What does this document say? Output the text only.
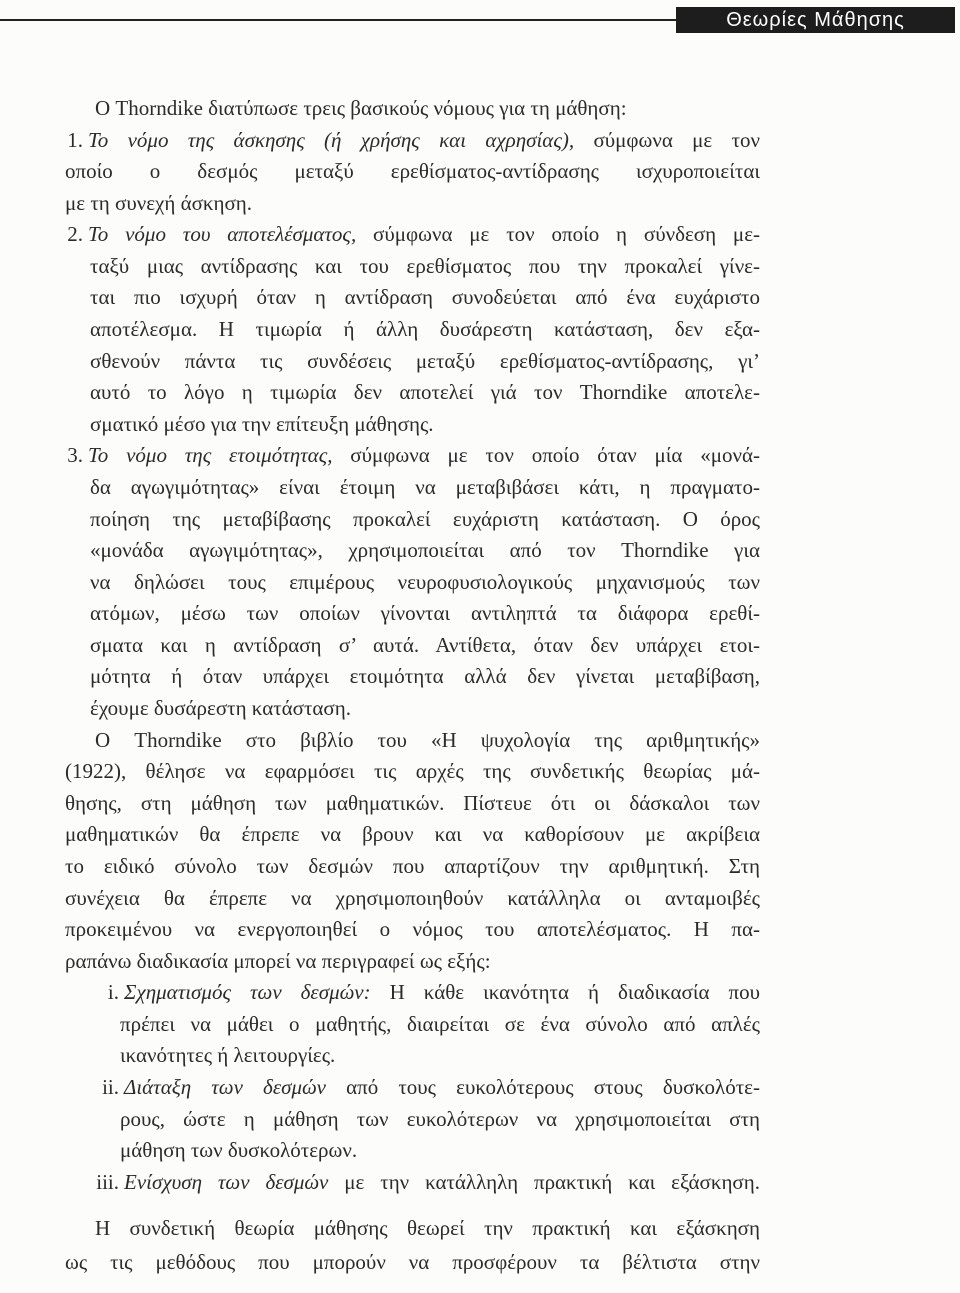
Θεωρίες Μάθησης
Ο Thorndike διατύπωσε τρεις βασικούς νόμους για τη μάθηση:
1. Το νόμο της άσκησης (ή χρήσης και αχρησίας), σύμφωνα με τον
οποίο ο δεσμός μεταξύ ερεθίσματος-αντίδρασης ισχυροποιείται
με τη συνεχή άσκηση.
2. Το νόμο του αποτελέσματος, σύμφωνα με τον οποίο η σύνδεση με-
ταξύ μιας αντίδρασης και του ερεθίσματος που την προκαλεί γίνε-
ται πιο ισχυρή όταν η αντίδραση συνοδεύεται από ένα ευχάριστο
αποτέλεσμα. Η τιμωρία ή άλλη δυσάρεστη κατάσταση, δεν εξα-
σθενούν πάντα τις συνδέσεις μεταξύ ερεθίσματος-αντίδρασης, γι’
αυτό το λόγο η τιμωρία δεν αποτελεί γιά τον Thorndike αποτελε-
σματικό μέσο για την επίτευξη μάθησης.
3. Το νόμο της ετοιμότητας, σύμφωνα με τον οποίο όταν μία «μονά-
δα αγωγιμότητας» είναι έτοιμη να μεταβιβάσει κάτι, η πραγματο-
ποίηση της μεταβίβασης προκαλεί ευχάριστη κατάσταση. Ο όρος
«μονάδα αγωγιμότητας», χρησιμοποιείται από τον Thorndike για
να δηλώσει τους επιμέρους νευροφυσιολογικούς μηχανισμούς των
ατόμων, μέσω των οποίων γίνονται αντιληπτά τα διάφορα ερεθί-
σματα και η αντίδραση σ’ αυτά. Αντίθετα, όταν δεν υπάρχει ετοι-
μότητα ή όταν υπάρχει ετοιμότητα αλλά δεν γίνεται μεταβίβαση,
έχουμε δυσάρεστη κατάσταση.
Ο Thorndike στο βιβλίο του «Η ψυχολογία της αριθμητικής»
(1922), θέλησε να εφαρμόσει τις αρχές της συνδετικής θεωρίας μά-
θησης, στη μάθηση των μαθηματικών. Πίστευε ότι οι δάσκαλοι των
μαθηματικών θα έπρεπε να βρουν και να καθορίσουν με ακρίβεια
το ειδικό σύνολο των δεσμών που απαρτίζουν την αριθμητική. Στη
συνέχεια θα έπρεπε να χρησιμοποιηθούν κατάλληλα οι ανταμοιβές
προκειμένου να ενεργοποιηθεί ο νόμος του αποτελέσματος. Η πα-
ραπάνω διαδικασία μπορεί να περιγραφεί ως εξής:
i. Σχηματισμός των δεσμών: Η κάθε ικανότητα ή διαδικασία που
πρέπει να μάθει ο μαθητής, διαιρείται σε ένα σύνολο από απλές
ικανότητες ή λειτουργίες.
ii. Διάταξη των δεσμών από τους ευκολότερους στους δυσκολότε-
ρους, ώστε η μάθηση των ευκολότερων να χρησιμοποιείται στη
μάθηση των δυσκολότερων.
iii. Ενίσχυση των δεσμών με την κατάλληλη πρακτική και εξάσκηση.
Η συνδετική θεωρία μάθησης θεωρεί την πρακτική και εξάσκηση
ως τις μεθόδους που μπορούν να προσφέρουν τα βέλτιστα στην
